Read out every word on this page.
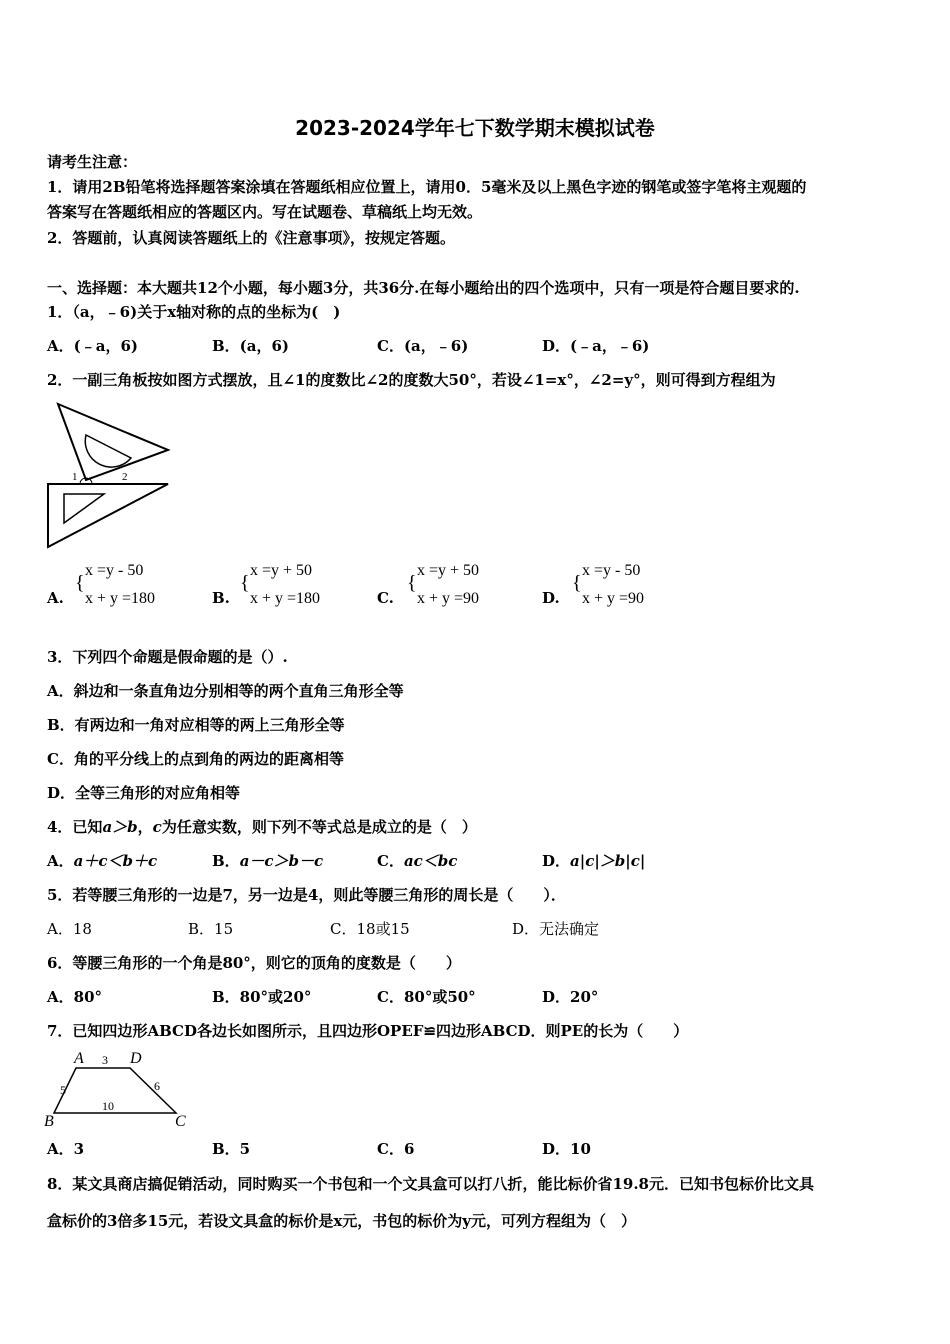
2023-2024学年七下数学期末模拟试卷
请考生注意：
1．请用2B铅笔将选择题答案涂填在答题纸相应位置上，请用0．5毫米及以上黑色字迹的钢笔或签字笔将主观题的
答案写在答题纸相应的答题区内。写在试题卷、草稿纸上均无效。
2．答题前，认真阅读答题纸上的《注意事项》，按规定答题。
一、选择题：本大题共12个小题，每小题3分，共36分.在每小题给出的四个选项中，只有一项是符合题目要求的.
1．（a，﹣6)关于x轴对称的点的坐标为(　)
A．(﹣a，6)	B．(a，6)	C．(a，﹣6)	D．(﹣a，﹣6)
2．一副三角板按如图方式摆放，且∠1的度数比∠2的度数大50°，若设∠1=x°，∠2=y°，则可得到方程组为
1	2
A.
{
x =y - 50
x + y =180	B.
{
x =y + 50
x + y =180	C.
{
x =y + 50
x + y =90	D.
{
x =y - 50
x + y =90
3．下列四个命题是假命题的是（）.
A．斜边和一条直角边分别相等的两个直角三角形全等
B．有两边和一角对应相等的两上三角形全等
C．角的平分线上的点到角的两边的距离相等
D．全等三角形的对应角相等
4．已知a＞b，c为任意实数，则下列不等式总是成立的是（　）
A．a＋c＜b＋c	B．a－c＞b－c	C．ac＜bc	D．a|c|＞b|c|
5．若等腰三角形的一边是7，另一边是4，则此等腰三角形的周长是（　　）．
A．18	B．15	C．18或15	D．无法确定
6．等腰三角形的一个角是80°，则它的顶角的度数是（　　）
A．80°	B．80°或20°	C．80°或50°	D．20°
7．已知四边形ABCD各边长如图所示，且四边形OPEF≌四边形ABCD．则PE的长为（　　）
A	D
B	C
3
5	6
10
A．3	B．5	C．6	D．10
8．某文具商店搞促销活动，同时购买一个书包和一个文具盒可以打八折，能比标价省19.8元．已知书包标价比文具
盒标价的3倍多15元，若设文具盒的标价是x元，书包的标价为y元，可列方程组为（　）
